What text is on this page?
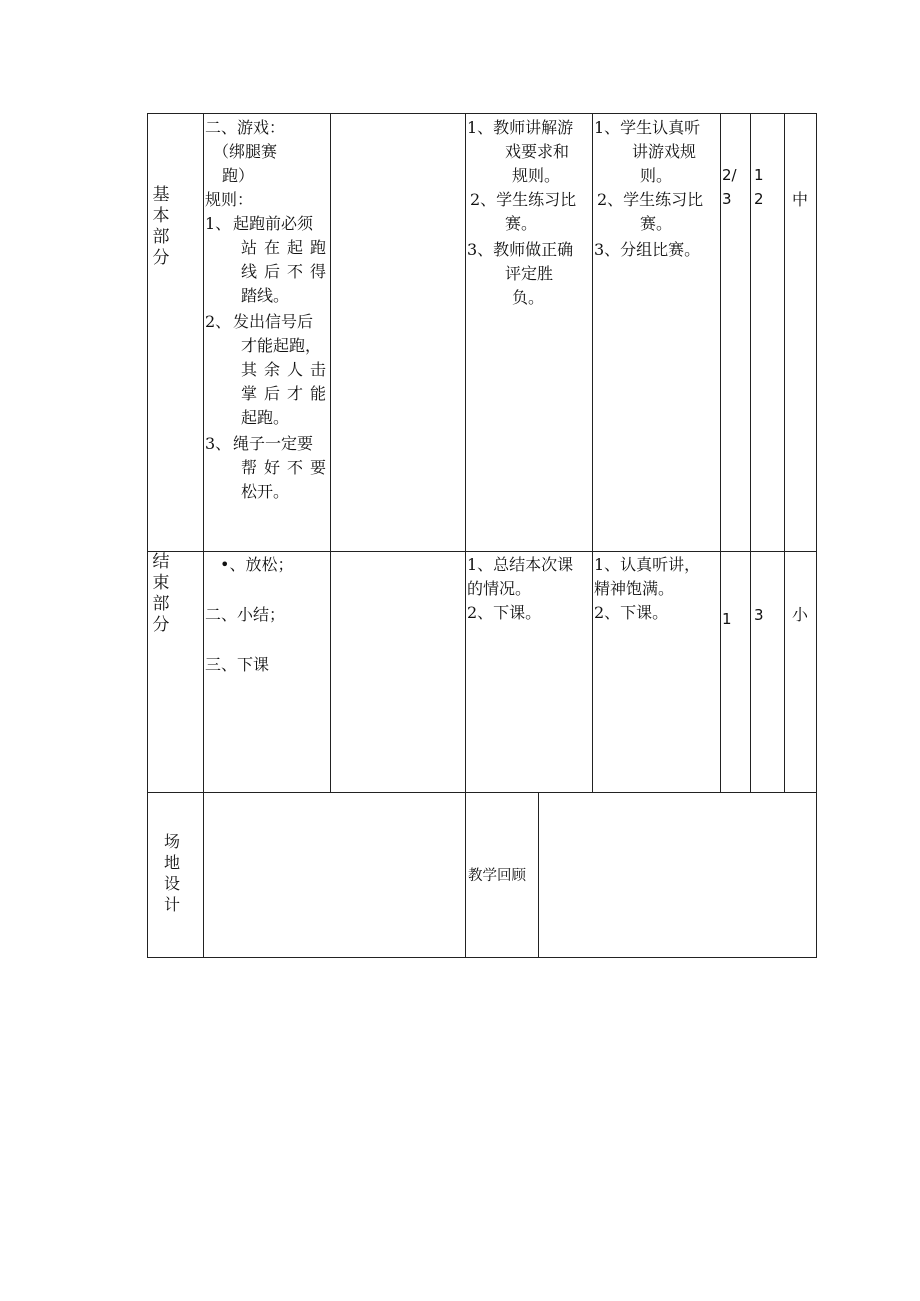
基本部分
二、游戏：
（绑腿赛
跑）
规则：
1、 起跑前必须
站在起跑
线后不得
踏线。
2、 发出信号后
才能起跑，
其余人击
掌后才能
起跑。
3、 绳子一定要
帮好不要
松开。
1、教师讲解游
戏要求和
规则。
2、学生练习比
赛。
3、教师做正确
评定胜
负。
1、学生认真听
讲游戏规
则。
2、学生练习比
赛。
3、分组比赛。
2/
3
1
2 中
结束部分
•、放松；
二、小结；
三、下课
1、总结本次课
的情况。
2、下课。
1、认真听讲，
精神饱满。
2、下课。	1 3 小
场地设计
教学回顾
